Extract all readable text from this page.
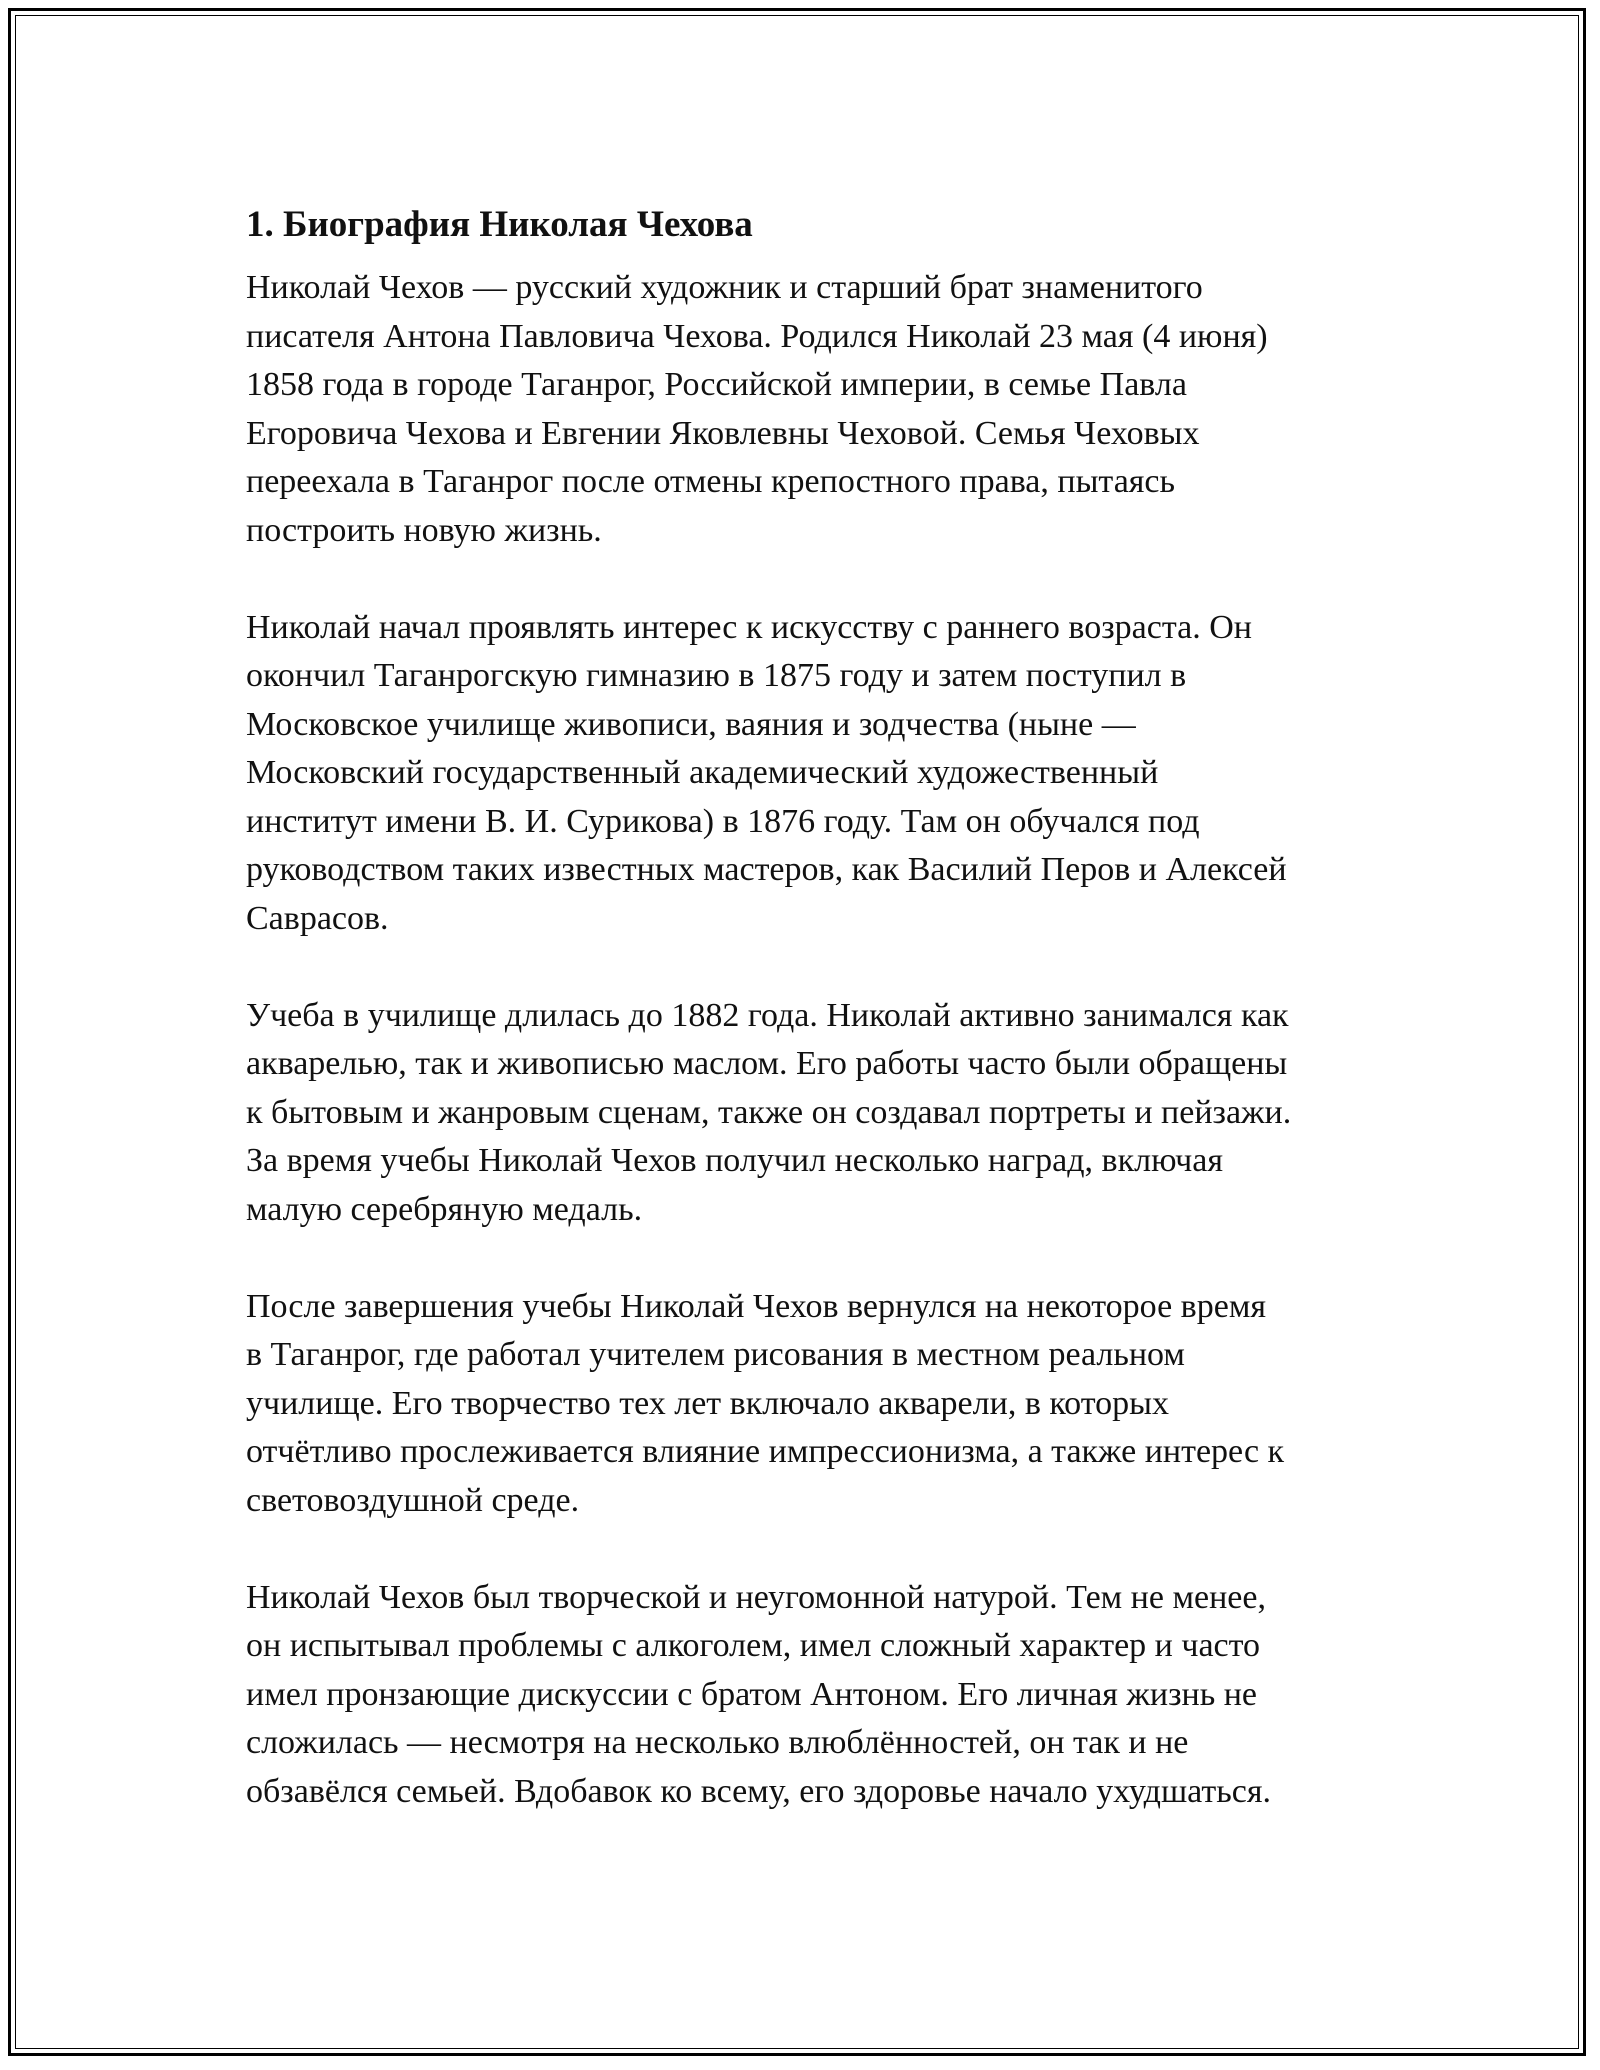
1. Биография Николая Чехова

Николай Чехов — русский художник и старший брат знаменитого
писателя Антона Павловича Чехова. Родился Николай 23 мая (4 июня)
1858 года в городе Таганрог, Российской империи, в семье Павла
Егоровича Чехова и Евгении Яковлевны Чеховой. Семья Чеховых
переехала в Таганрог после отмены крепостного права, пытаясь
построить новую жизнь.

Николай начал проявлять интерес к искусству с раннего возраста. Он
окончил Таганрогскую гимназию в 1875 году и затем поступил в
Московское училище живописи, ваяния и зодчества (ныне —
Московский государственный академический художественный
институт имени В. И. Сурикова) в 1876 году. Там он обучался под
руководством таких известных мастеров, как Василий Перов и Алексей
Саврасов.

Учеба в училище длилась до 1882 года. Николай активно занимался как
акварелью, так и живописью маслом. Его работы часто были обращены
к бытовым и жанровым сценам, также он создавал портреты и пейзажи.
За время учебы Николай Чехов получил несколько наград, включая
малую серебряную медаль.

После завершения учебы Николай Чехов вернулся на некоторое время
в Таганрог, где работал учителем рисования в местном реальном
училище. Его творчество тех лет включало акварели, в которых
отчётливо прослеживается влияние импрессионизма, а также интерес к
световоздушной среде.

Николай Чехов был творческой и неугомонной натурой. Тем не менее,
он испытывал проблемы с алкоголем, имел сложный характер и часто
имел пронзающие дискуссии с братом Антоном. Его личная жизнь не
сложилась — несмотря на несколько влюблённостей, он так и не
обзавёлся семьей. Вдобавок ко всему, его здоровье начало ухудшаться.
